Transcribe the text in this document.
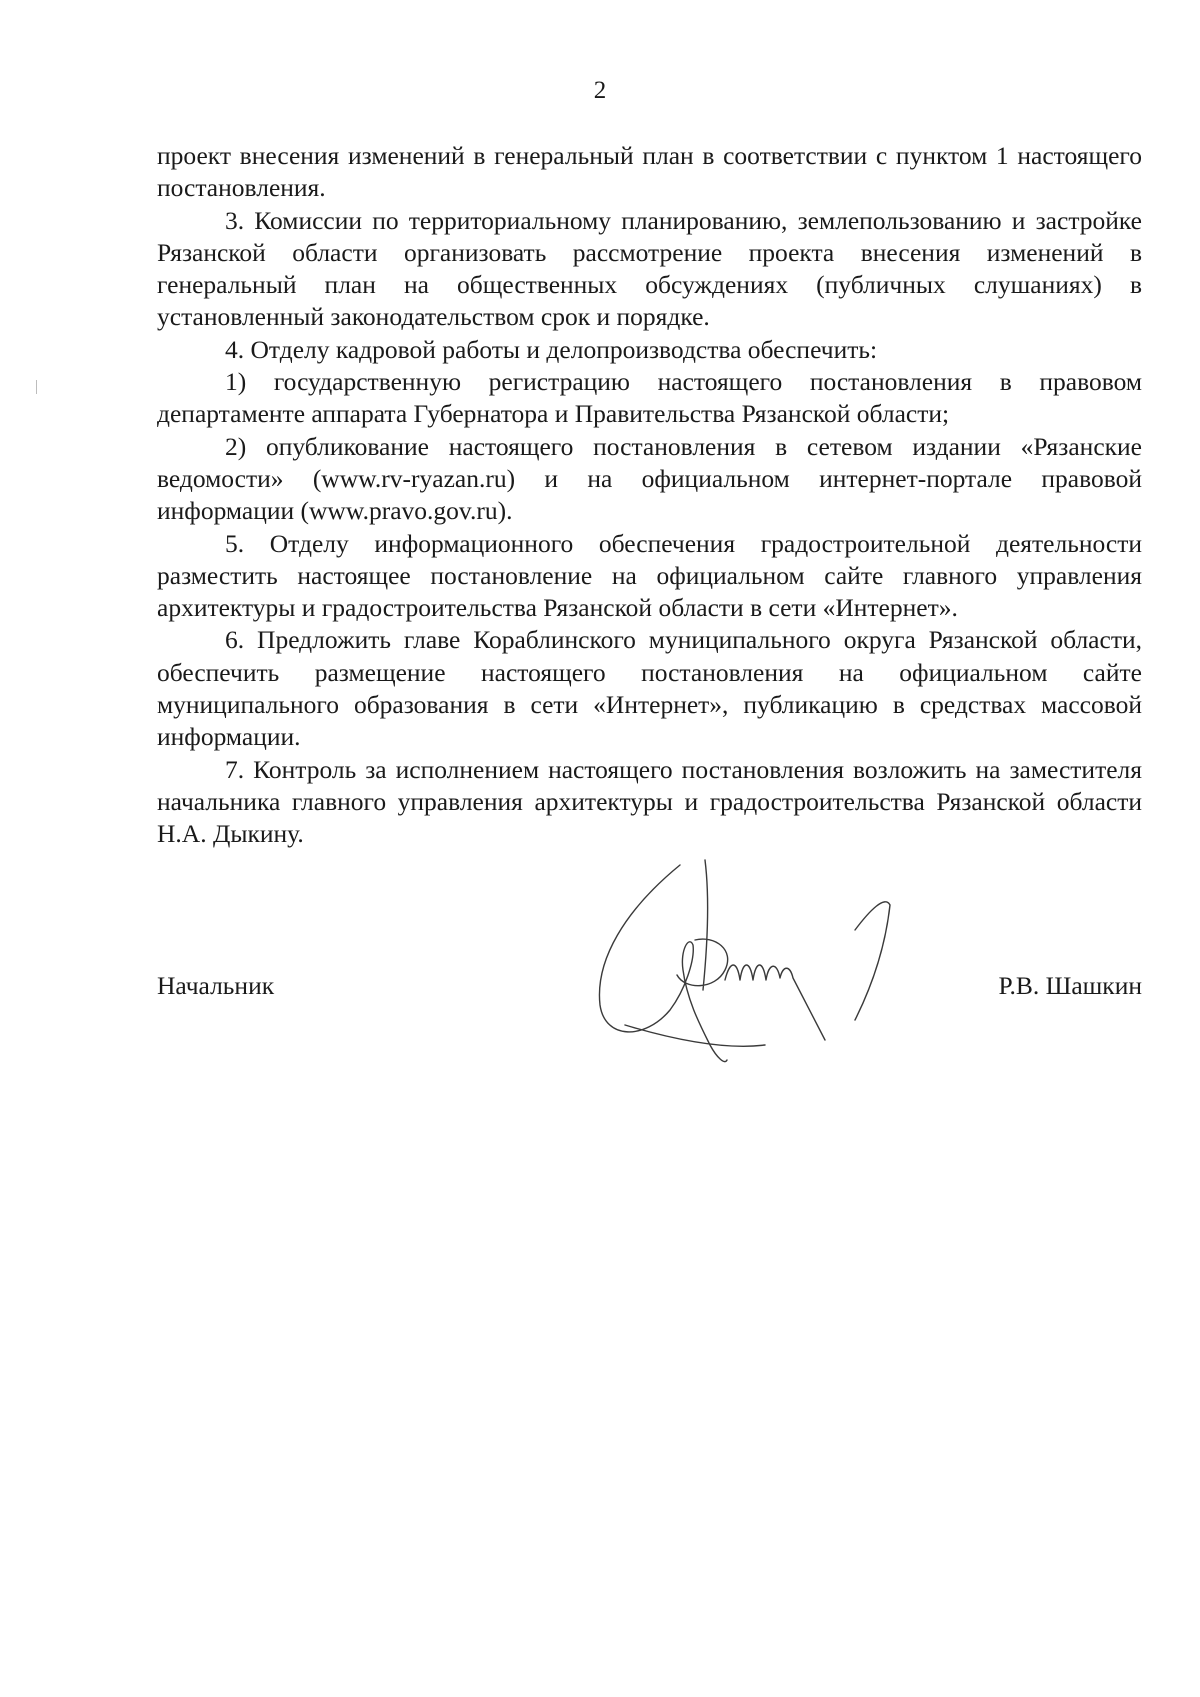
2

проект внесения изменений в генеральный план в соответствии с пунктом 1 настоящего постановления.

3. Комиссии по территориальному планированию, землепользованию и застройке Рязанской области организовать рассмотрение проекта внесения изменений в генеральный план на общественных обсуждениях (публичных слушаниях) в установленный законодательством срок и порядке.

4. Отделу кадровой работы и делопроизводства обеспечить:

1) государственную регистрацию настоящего постановления в правовом департаменте аппарата Губернатора и Правительства Рязанской области;

2) опубликование настоящего постановления в сетевом издании «Рязанские ведомости» (www.rv-ryazan.ru) и на официальном интернет-портале правовой информации (www.pravo.gov.ru).

5. Отделу информационного обеспечения градостроительной деятельности разместить настоящее постановление на официальном сайте главного управления архитектуры и градостроительства Рязанской области в сети «Интернет».

6. Предложить главе Кораблинского муниципального округа Рязанской области, обеспечить размещение настоящего постановления на официальном сайте муниципального образования в сети «Интернет», публикацию в средствах массовой информации.

7. Контроль за исполнением настоящего постановления возложить на заместителя начальника главного управления архитектуры и градостроительства Рязанской области Н.А. Дыкину.

Начальник	Р.В. Шашкин
